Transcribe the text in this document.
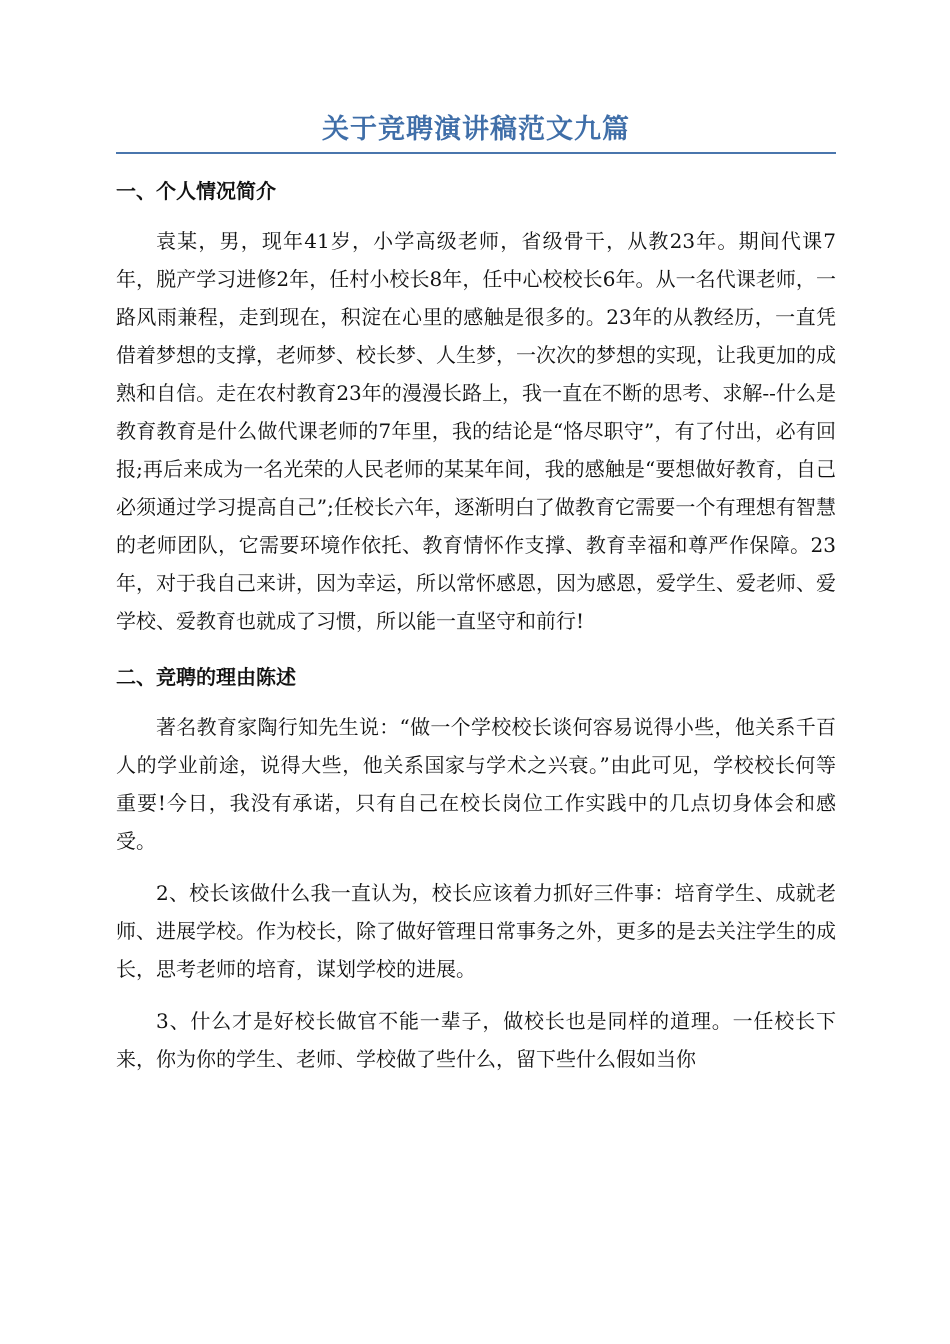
关于竞聘演讲稿范文九篇
一、个人情况简介

袁某，男，现年41岁，小学高级老师，省级骨干，从教23年。期间代课7年，脱产学习进修2年，任村小校长8年，任中心校校长6年。从一名代课老师，一路风雨兼程，走到现在，积淀在心里的感触是很多的。23年的从教经历，一直凭借着梦想的支撑，老师梦、校长梦、人生梦，一次次的梦想的实现，让我更加的成熟和自信。走在农村教育23年的漫漫长路上，我一直在不断的思考、求解--什么是教育教育是什么做代课老师的7年里，我的结论是“恪尽职守”，有了付出，必有回报;再后来成为一名光荣的人民老师的某某年间，我的感触是“要想做好教育，自己必须通过学习提高自己”;任校长六年，逐渐明白了做教育它需要一个有理想有智慧的老师团队，它需要环境作依托、教育情怀作支撑、教育幸福和尊严作保障。23年，对于我自己来讲，因为幸运，所以常怀感恩，因为感恩，爱学生、爱老师、爱学校、爱教育也就成了习惯，所以能一直坚守和前行!

二、竞聘的理由陈述

著名教育家陶行知先生说：“做一个学校校长谈何容易说得小些，他关系千百人的学业前途，说得大些，他关系国家与学术之兴衰。”由此可见，学校校长何等重要!今日，我没有承诺，只有自己在校长岗位工作实践中的几点切身体会和感受。

2、校长该做什么我一直认为，校长应该着力抓好三件事：培育学生、成就老师、进展学校。作为校长，除了做好管理日常事务之外，更多的是去关注学生的成长，思考老师的培育，谋划学校的进展。

3、什么才是好校长做官不能一辈子，做校长也是同样的道理。一任校长下来，你为你的学生、老师、学校做了些什么，留下些什么假如当你
